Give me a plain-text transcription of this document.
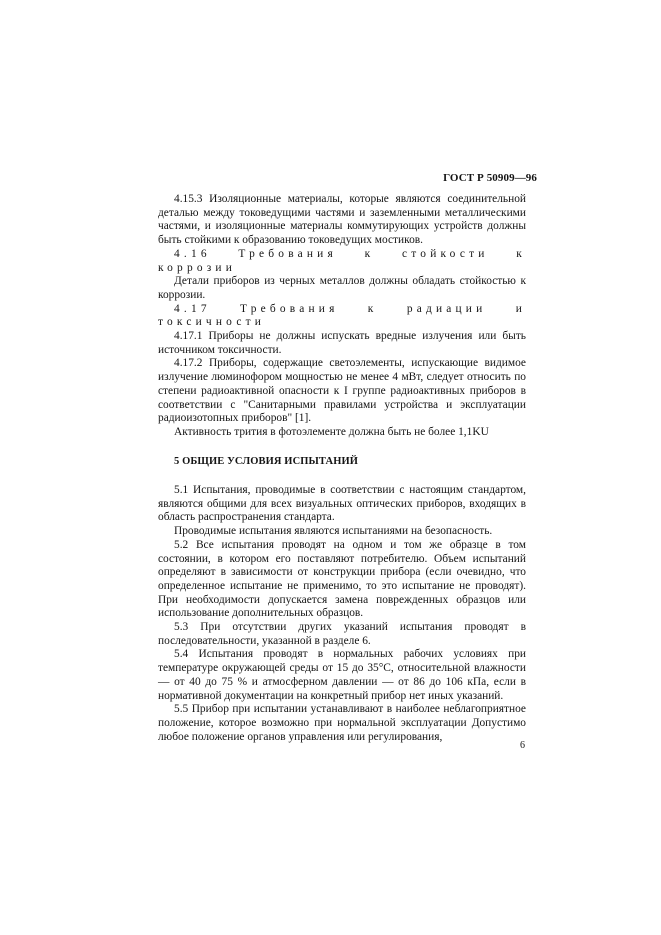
ГОСТ Р 50909—96

4.15.3 Изоляционные материалы, которые являются соединительной деталью между токоведущими частями и заземленными металлическими частями, и изоляционные материалы коммутирующих устройств должны быть стойкими к образованию токоведущих мостиков.

4.16 Требования к стойкости к коррозии

Детали приборов из черных металлов должны обладать стойкостью к коррозии.

4.17 Требования к радиации и токсичности

4.17.1 Приборы не должны испускать вредные излучения или быть источником токсичности.

4.17.2 Приборы, содержащие светоэлементы, испускающие видимое излучение люминофором мощностью не менее 4 мВт, следует относить по степени радиоактивной опасности к I группе радиоактивных приборов в соответствии с "Санитарными правилами устройства и эксплуатации радиоизотопных приборов" [1].

Активность трития в фотоэлементе должна быть не более 1,1KU

5 ОБЩИЕ УСЛОВИЯ ИСПЫТАНИЙ

5.1 Испытания, проводимые в соответствии с настоящим стандартом, являются общими для всех визуальных оптических приборов, входящих в область распространения стандарта.

Проводимые испытания являются испытаниями на безопасность.

5.2 Все испытания проводят на одном и том же образце в том состоянии, в котором его поставляют потребителю. Объем испытаний определяют в зависимости от конструкции прибора (если очевидно, что определенное испытание не применимо, то это испытание не проводят). При необходимости допускается замена поврежденных образцов или использование дополнительных образцов.

5.3 При отсутствии других указаний испытания проводят в последовательности, указанной в разделе 6.

5.4 Испытания проводят в нормальных рабочих условиях при температуре окружающей среды от 15 до 35°С, относительной влажности — от 40 до 75 % и атмосферном давлении — от 86 до 106 кПа, если в нормативной документации на конкретный прибор нет иных указаний.

5.5 Прибор при испытании устанавливают в наиболее неблагоприятное положение, которое возможно при нормальной эксплуатации Допустимо любое положение органов управления или регулирования,

6
